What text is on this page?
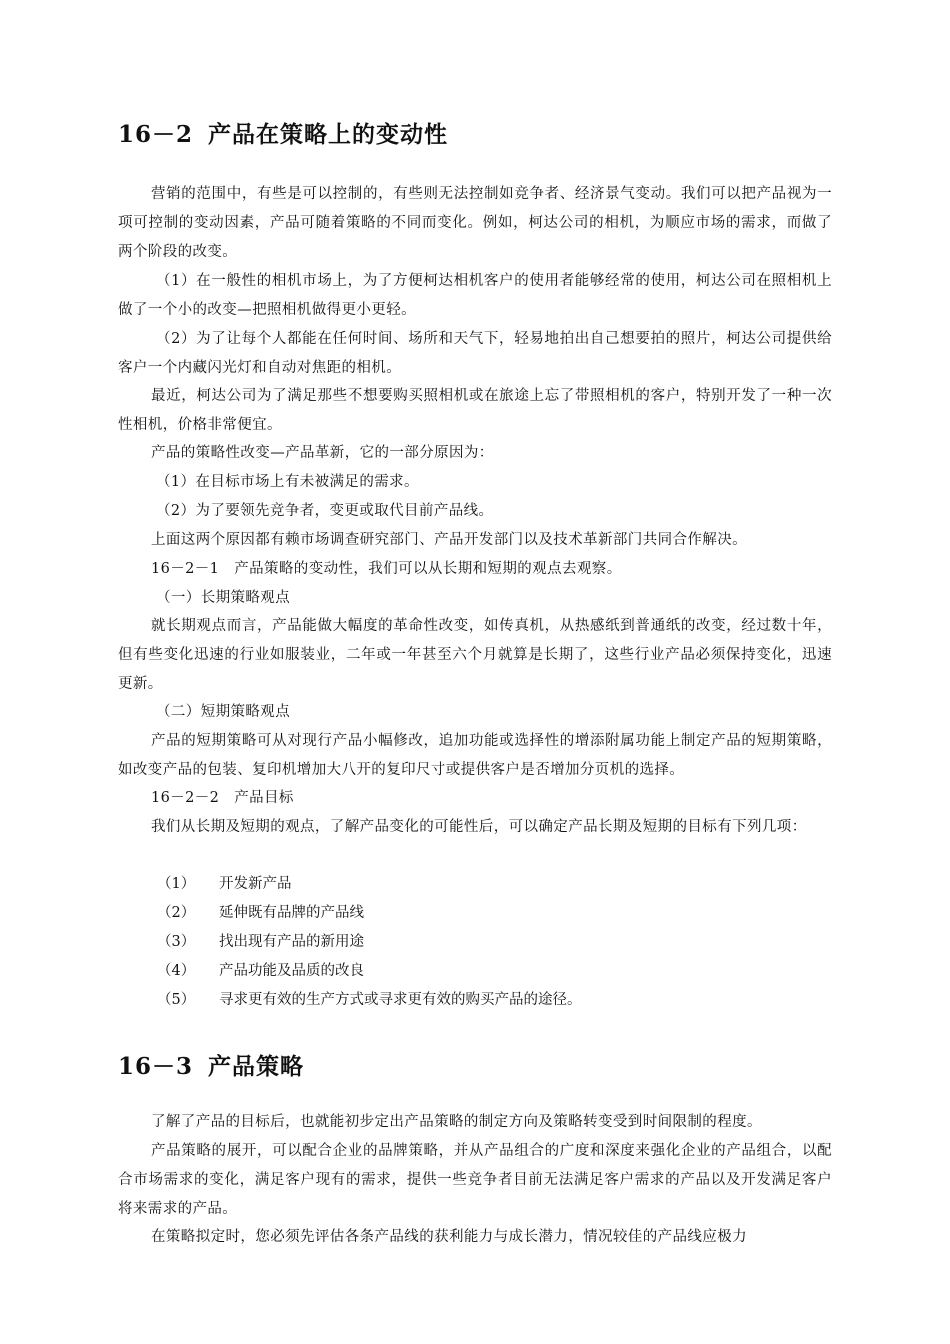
16－2 产品在策略上的变动性

营销的范围中，有些是可以控制的，有些则无法控制如竞争者、经济景气变动。我们可以把产品视为一项可控制的变动因素，产品可随着策略的不同而变化。例如，柯达公司的相机，为顺应市场的需求，而做了两个阶段的改变。

（1）在一般性的相机市场上，为了方便柯达相机客户的使用者能够经常的使用，柯达公司在照相机上做了一个小的改变—把照相机做得更小更轻。

（2）为了让每个人都能在任何时间、场所和天气下，轻易地拍出自己想要拍的照片，柯达公司提供给客户一个内藏闪光灯和自动对焦距的相机。

最近，柯达公司为了满足那些不想要购买照相机或在旅途上忘了带照相机的客户，特别开发了一种一次性相机，价格非常便宜。

产品的策略性改变—产品革新，它的一部分原因为：

（1）在目标市场上有未被满足的需求。

（2）为了要领先竞争者，变更或取代目前产品线。

上面这两个原因都有赖市场调查研究部门、产品开发部门以及技术革新部门共同合作解决。

16－2－1　产品策略的变动性，我们可以从长期和短期的观点去观察。

（一）长期策略观点

就长期观点而言，产品能做大幅度的革命性改变，如传真机，从热感纸到普通纸的改变，经过数十年，但有些变化迅速的行业如服装业，二年或一年甚至六个月就算是长期了，这些行业产品必须保持变化，迅速更新。

（二）短期策略观点

产品的短期策略可从对现行产品小幅修改，追加功能或选择性的增添附属功能上制定产品的短期策略，如改变产品的包装、复印机增加大八开的复印尺寸或提供客户是否增加分页机的选择。

16－2－2　产品目标

我们从长期及短期的观点，了解产品变化的可能性后，可以确定产品长期及短期的目标有下列几项：

（1） 开发新产品
（2） 延伸既有品牌的产品线
（3） 找出现有产品的新用途
（4） 产品功能及品质的改良
（5） 寻求更有效的生产方式或寻求更有效的购买产品的途径。
16－3 产品策略

了解了产品的目标后，也就能初步定出产品策略的制定方向及策略转变受到时间限制的程度。

产品策略的展开，可以配合企业的品牌策略，并从产品组合的广度和深度来强化企业的产品组合，以配合市场需求的变化，满足客户现有的需求，提供一些竞争者目前无法满足客户需求的产品以及开发满足客户将来需求的产品。

在策略拟定时，您必须先评估各条产品线的获利能力与成长潜力，情况较佳的产品线应极力
